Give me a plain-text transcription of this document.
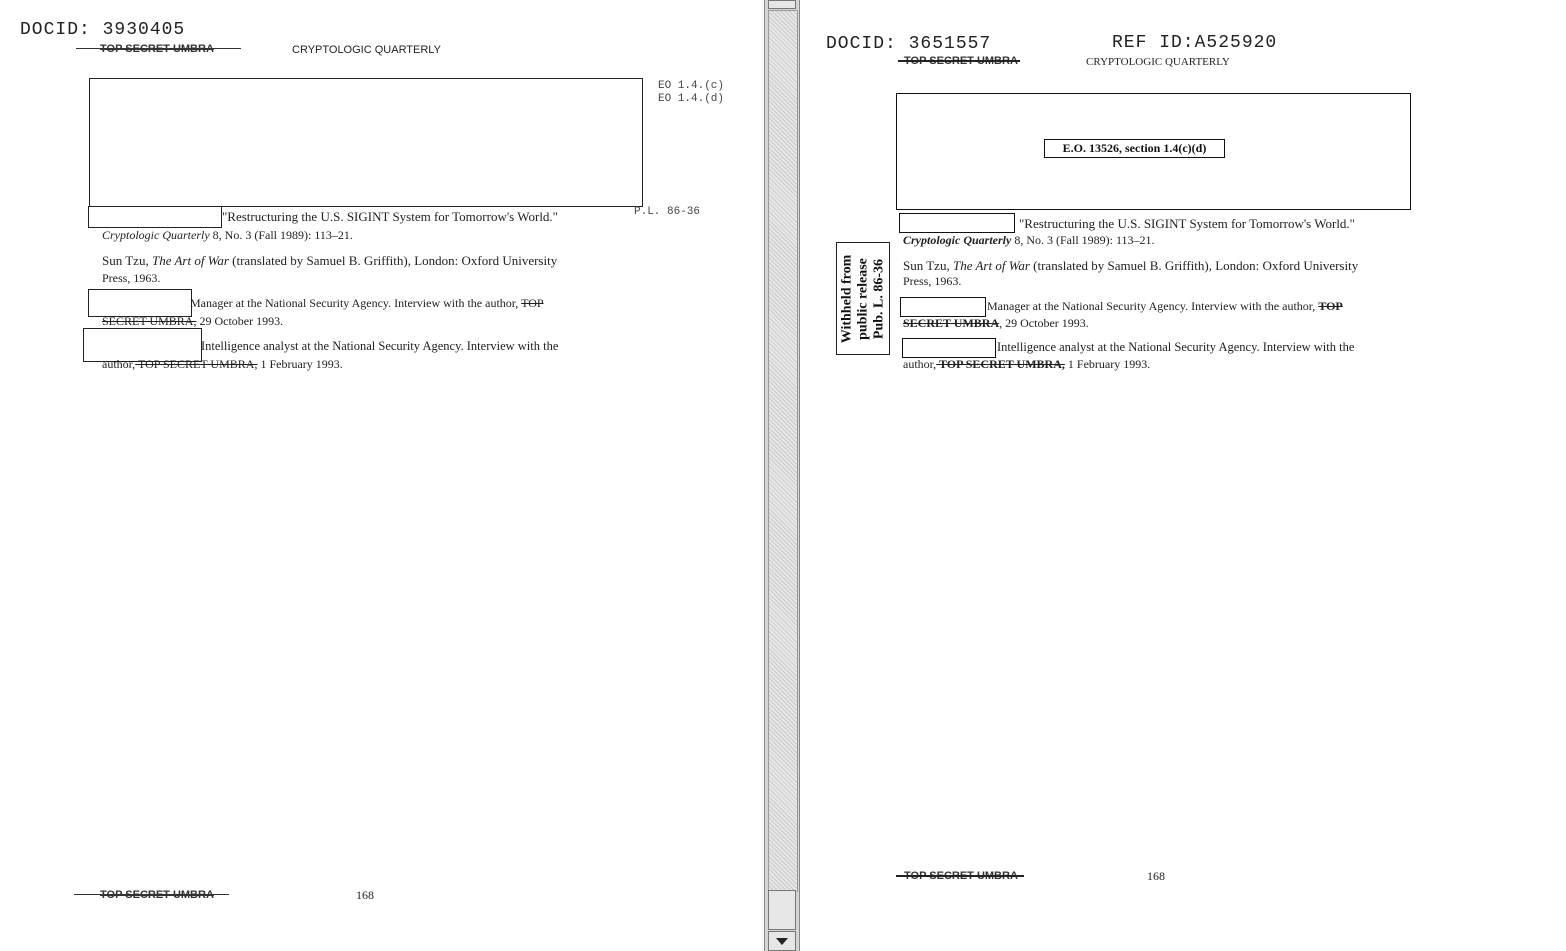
DOCID: 3930405
TOP SECRET UMBRA	CRYPTOLOGIC QUARTERLY
EO 1.4.(c)
EO 1.4.(d)
"Restructuring the U.S. SIGINT System for Tomorrow's World."	P.L. 86-36
Cryptologic Quarterly 8, No. 3 (Fall 1989): 113–21.
Sun Tzu, The Art of War (translated by Samuel B. Griffith), London: Oxford University
Press, 1963.
Manager at the National Security Agency. Interview with the author, TOP
SECRET UMBRA, 29 October 1993.
Intelligence analyst at the National Security Agency. Interview with the
author, TOP SECRET UMBRA, 1 February 1993.
TOP SECRET UMBRA	168
DOCID: 3651557	REF ID:A525920
TOP SECRET UMBRA	CRYPTOLOGIC QUARTERLY
E.O. 13526, section 1.4(c)(d)
Withheld from public release Pub. L. 86-36
"Restructuring the U.S. SIGINT System for Tomorrow's World."
Cryptologic Quarterly 8, No. 3 (Fall 1989): 113–21.
Sun Tzu, The Art of War (translated by Samuel B. Griffith), London: Oxford University
Press, 1963.
Manager at the National Security Agency. Interview with the author, TOP
SECRET UMBRA, 29 October 1993.
Intelligence analyst at the National Security Agency. Interview with the
author, TOP SECRET UMBRA, 1 February 1993.
TOP SECRET UMBRA	168
